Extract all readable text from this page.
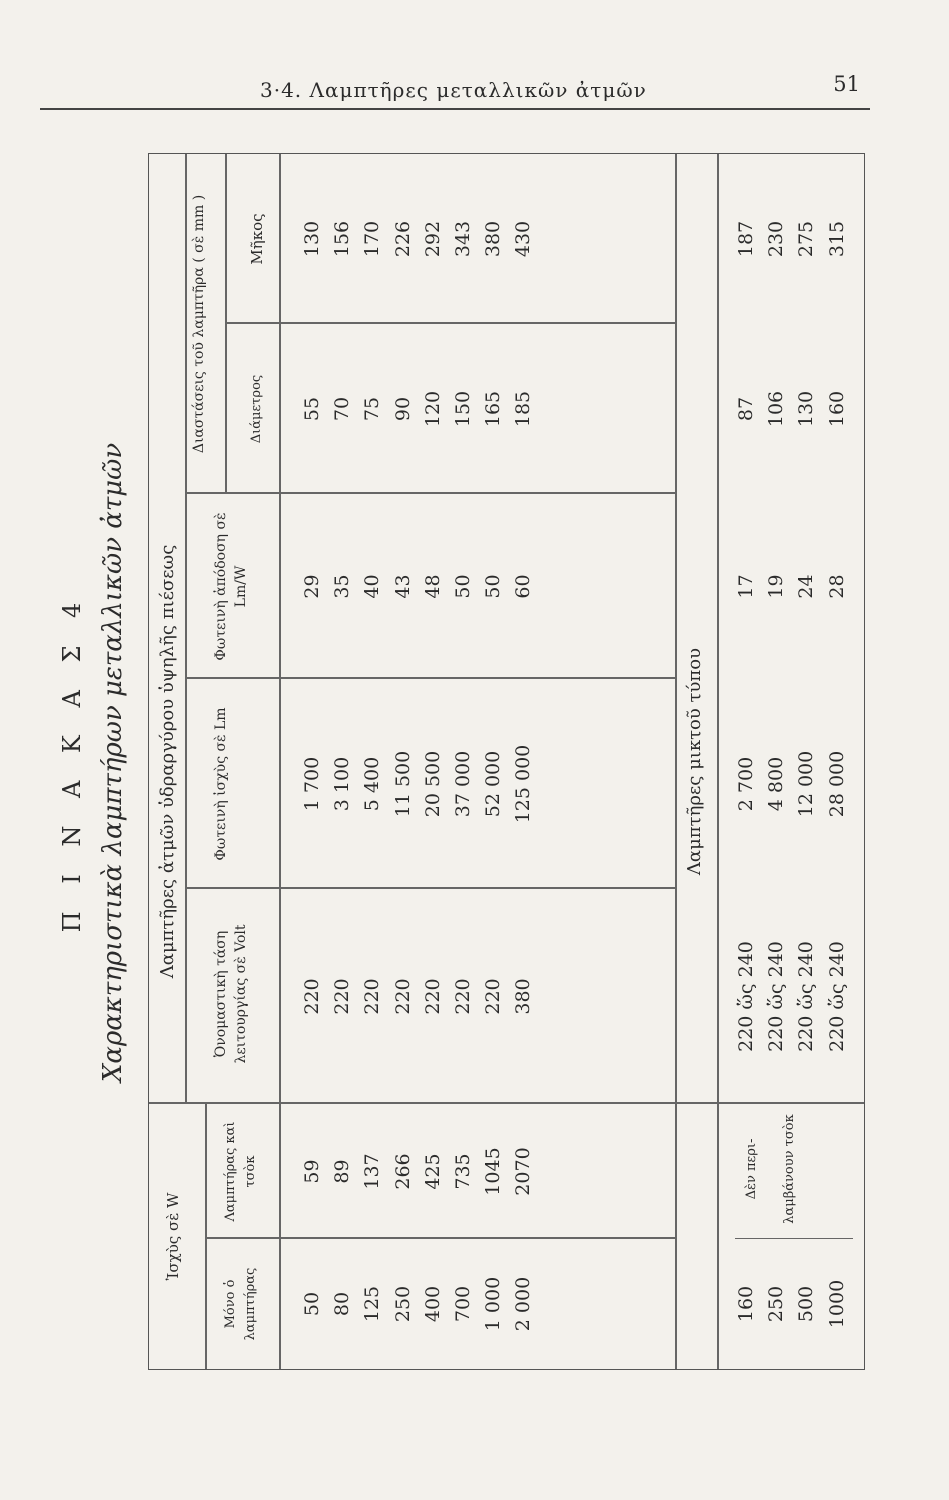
3·4. Λαμπτῆρες μεταλλικῶν ἀτμῶν	51
Π Ι Ν Α Κ Α Σ 4 Χαρακτηριστικὰ λαμπτήρων μεταλλικῶν ἀτμῶν Λαμπτῆρες ἀτμῶν ὑδραργύρου ὑψηλῆς πιέσεως
Ἰσχὺς σὲ W
Μόνο ὁ λαμπτήρας
Λαμπτήρας καὶ τσὸκ
Ὀνομαστικὴ τάση λειτουργίας σὲ Volt
Φωτεινὴ ἰσχὺς σὲ Lm
Φωτεινὴ ἀπόδοση σὲ Lm/W
Διαστάσεις τοῦ λαμπτῆρα ( σὲ mm )	Διάμετρος
Μῆκος
50 80 125 250 400 700 1 000 2 000
59 89 137 266 425 735 1045 2070
220 220 220 220 220 220 220 380
1 700 3 100 5 400 11 500 20 500 37 000 52 000 125 000
29 35 40 43 48 50 50 60
55 70 75 90 120 150 165 185
130 156 170 226 292 343 380 430
Λαμπτῆρες μικτοῦ τύπου
160 250 500 1000
Δὲν περι- λαμβάνουν τσὸκ
220 ὥς 240 220 ὥς 240 220 ὥς 240 220 ὥς 240
2 700 4 800 12 000 28 000
17 19 24 28
87 106 130 160
187 230 275 315
